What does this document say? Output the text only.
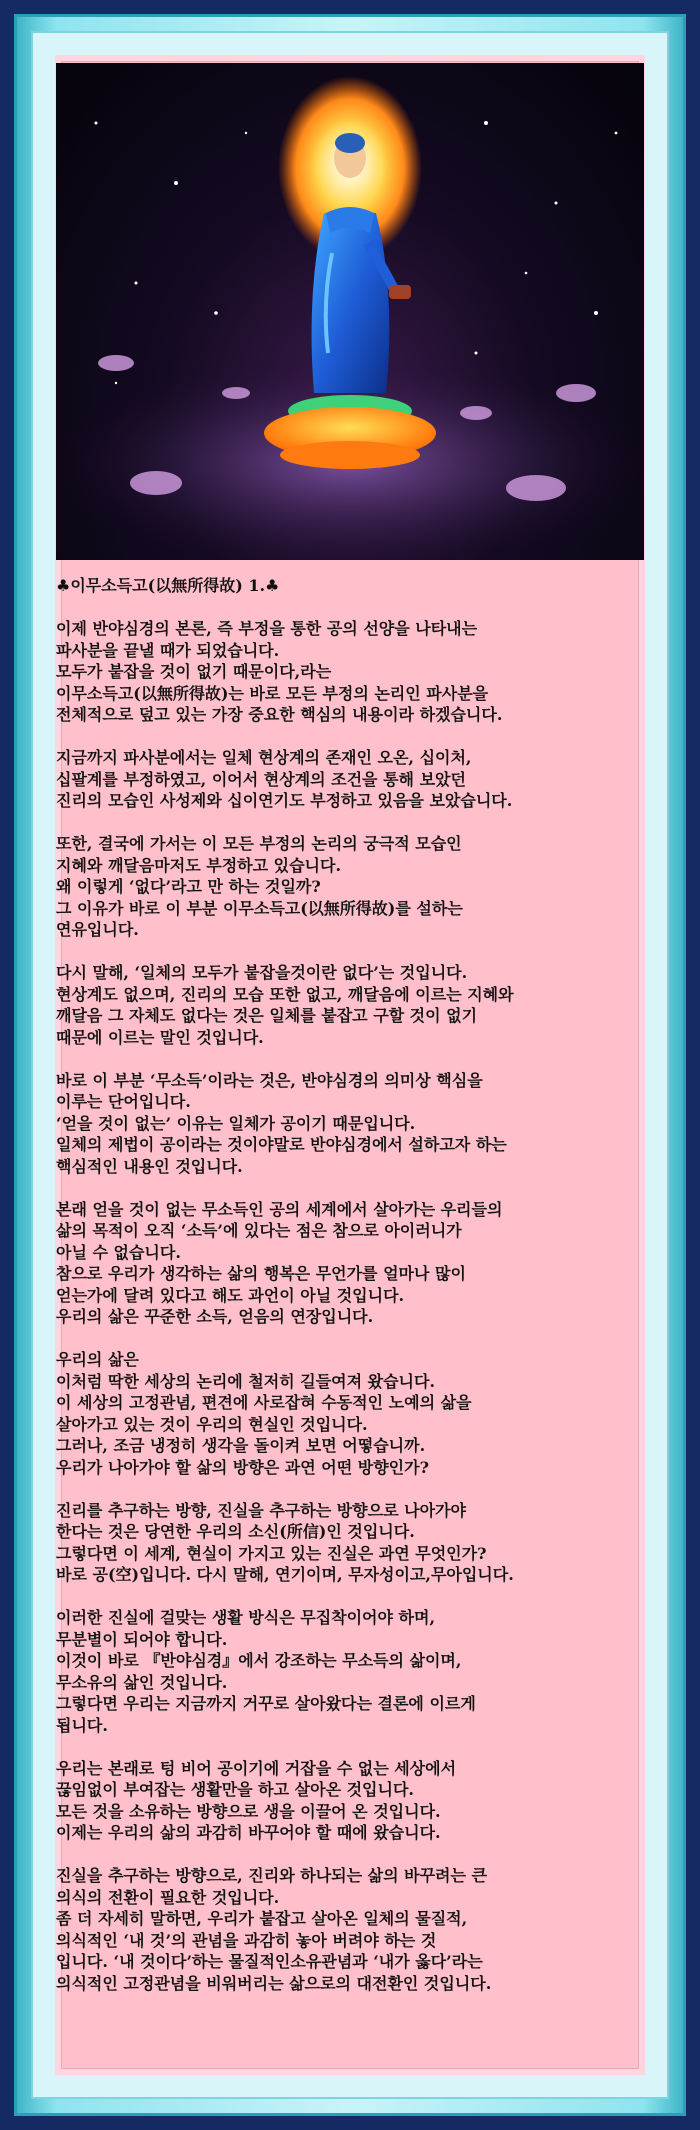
♣이무소득고(以無所得故) 1.♣

이제 반야심경의 본론, 즉 부정을 통한 공의 선양을 나타내는
파사분을 끝낼 때가 되었습니다.
모두가 붙잡을 것이 없기 때문이다,라는
이무소득고(以無所得故)는 바로 모든 부정의 논리인 파사분을
전체적으로 덮고 있는 가장 중요한 핵심의 내용이라 하겠습니다.

지금까지 파사분에서는 일체 현상계의 존재인 오온, 십이처,
십팔계를 부정하였고, 이어서 현상계의 조건을 통해 보았던
진리의 모습인 사성제와 십이연기도 부정하고 있음을 보았습니다.

또한, 결국에 가서는 이 모든 부정의 논리의 궁극적 모습인
지혜와 깨달음마저도 부정하고 있습니다.
왜 이렇게 ‘없다’라고 만 하는 것일까?
그 이유가 바로 이 부분 이무소득고(以無所得故)를 설하는
연유입니다.

다시 말해, ‘일체의 모두가 붙잡을것이란 없다’는 것입니다.
현상계도 없으며, 진리의 모습 또한 없고, 깨달음에 이르는 지혜와
깨달음 그 자체도 없다는 것은 일체를 붙잡고 구할 것이 없기
때문에 이르는 말인 것입니다.

바로 이 부분 ‘무소득’이라는 것은, 반야심경의 의미상 핵심을
이루는 단어입니다.
‘얻을 것이 없는’ 이유는 일체가 공이기 때문입니다.
일체의 제법이 공이라는 것이야말로 반야심경에서 설하고자 하는
핵심적인 내용인 것입니다.

본래 얻을 것이 없는 무소득인 공의 세계에서 살아가는 우리들의
삶의 목적이 오직 ‘소득’에 있다는 점은 참으로 아이러니가
아닐 수 없습니다.
참으로 우리가 생각하는 삶의 행복은 무언가를 얼마나 많이
얻는가에 달려 있다고 해도 과언이 아닐 것입니다.
우리의 삶은 꾸준한 소득, 얻음의 연장입니다.

우리의 삶은
이처럼 딱한 세상의 논리에 철저히 길들여져 왔습니다.
이 세상의 고정관념, 편견에 사로잡혀 수동적인 노예의 삶을
살아가고 있는 것이 우리의 현실인 것입니다.
그러나, 조금 냉정히 생각을 돌이켜 보면 어떻습니까.
우리가 나아가야 할 삶의 방향은 과연 어떤 방향인가?

진리를 추구하는 방향, 진실을 추구하는 방향으로 나아가야
한다는 것은 당연한 우리의 소신(所信)인 것입니다.
그렇다면 이 세계, 현실이 가지고 있는 진실은 과연 무엇인가?
바로 공(空)입니다. 다시 말해, 연기이며, 무자성이고,무아입니다.

이러한 진실에 걸맞는 생활 방식은 무집착이어야 하며,
무분별이 되어야 합니다.
이것이 바로 『반야심경』에서 강조하는 무소득의 삶이며,
무소유의 삶인 것입니다.
그렇다면 우리는 지금까지 거꾸로 살아왔다는 결론에 이르게
됩니다.

우리는 본래로 텅 비어 공이기에 거잡을 수 없는 세상에서
끊임없이 부여잡는 생활만을 하고 살아온 것입니다.
모든 것을 소유하는 방향으로 생을 이끌어 온 것입니다.
이제는 우리의 삶의 과감히 바꾸어야 할 때에 왔습니다.

진실을 추구하는 방향으로, 진리와 하나되는 삶의 바꾸려는 큰
의식의 전환이 필요한 것입니다.
좀 더 자세히 말하면, 우리가 붙잡고 살아온 일체의 물질적,
의식적인 ‘내 것’의 관념을 과감히 놓아 버려야 하는 것
입니다. ‘내 것이다’하는 물질적인소유관념과 ‘내가 옳다’라는
의식적인 고정관념을 비워버리는 삶으로의 대전환인 것입니다.
